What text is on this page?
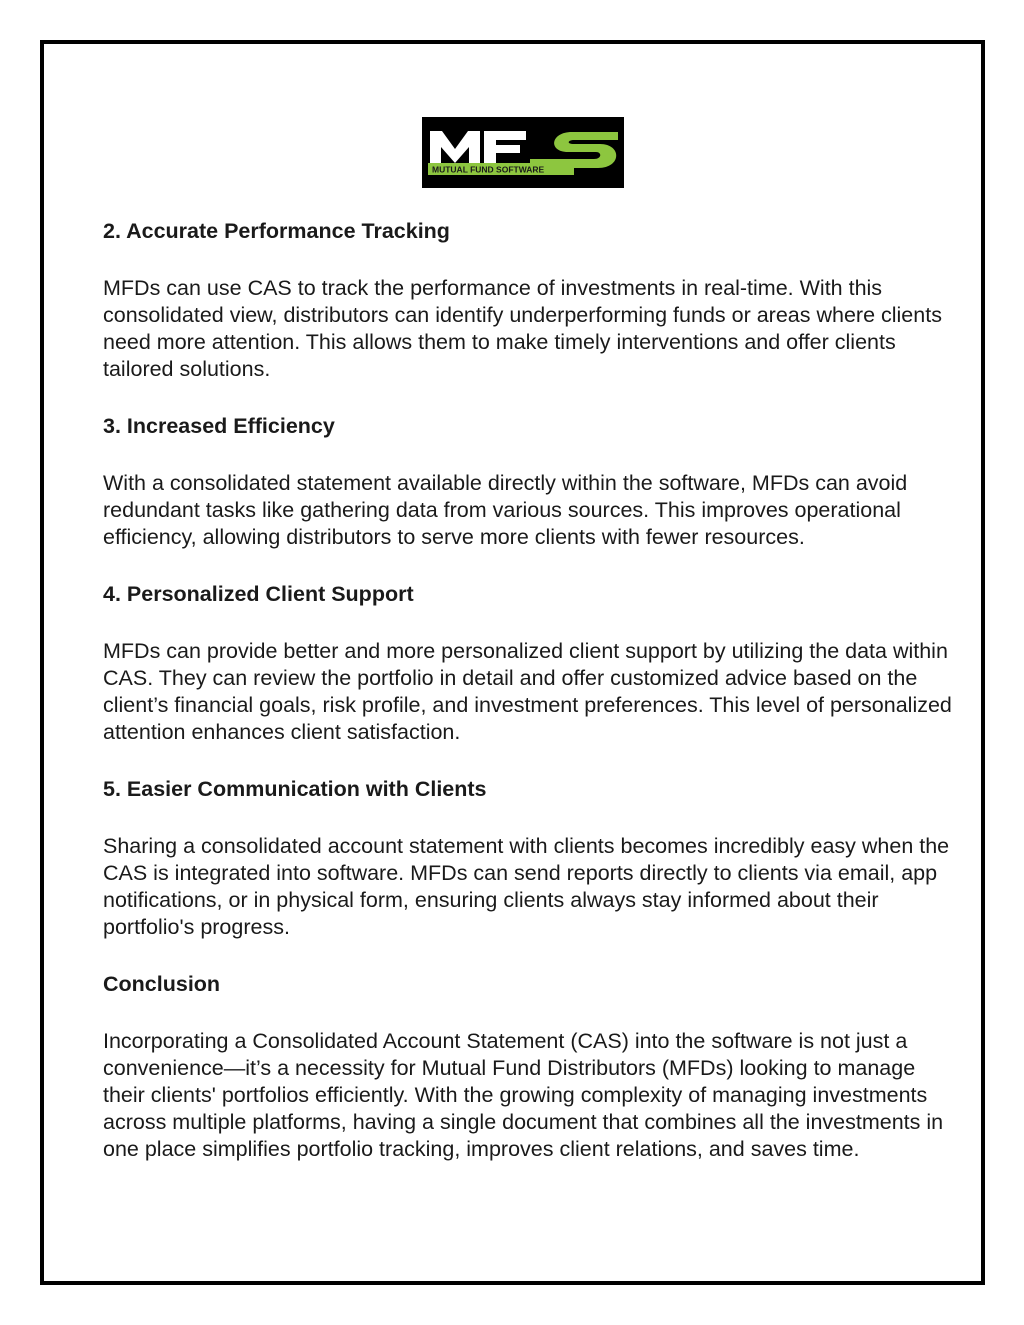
MUTUAL FUND SOFTWARE
2. Accurate Performance Tracking
MFDs can use CAS to track the performance of investments in real-time. With this consolidated view, distributors can identify underperforming funds or areas where clients need more attention. This allows them to make timely interventions and offer clients tailored solutions.
3. Increased Efficiency
With a consolidated statement available directly within the software, MFDs can avoid redundant tasks like gathering data from various sources. This improves operational efficiency, allowing distributors to serve more clients with fewer resources.
4. Personalized Client Support
MFDs can provide better and more personalized client support by utilizing the data within CAS. They can review the portfolio in detail and offer customized advice based on the client’s financial goals, risk profile, and investment preferences. This level of personalized attention enhances client satisfaction.
5. Easier Communication with Clients
Sharing a consolidated account statement with clients becomes incredibly easy when the CAS is integrated into software. MFDs can send reports directly to clients via email, app notifications, or in physical form, ensuring clients always stay informed about their portfolio's progress.
Conclusion
Incorporating a Consolidated Account Statement (CAS) into the software is not just a convenience—it’s a necessity for Mutual Fund Distributors (MFDs) looking to manage their clients' portfolios efficiently. With the growing complexity of managing investments across multiple platforms, having a single document that combines all the investments in one place simplifies portfolio tracking, improves client relations, and saves time.
